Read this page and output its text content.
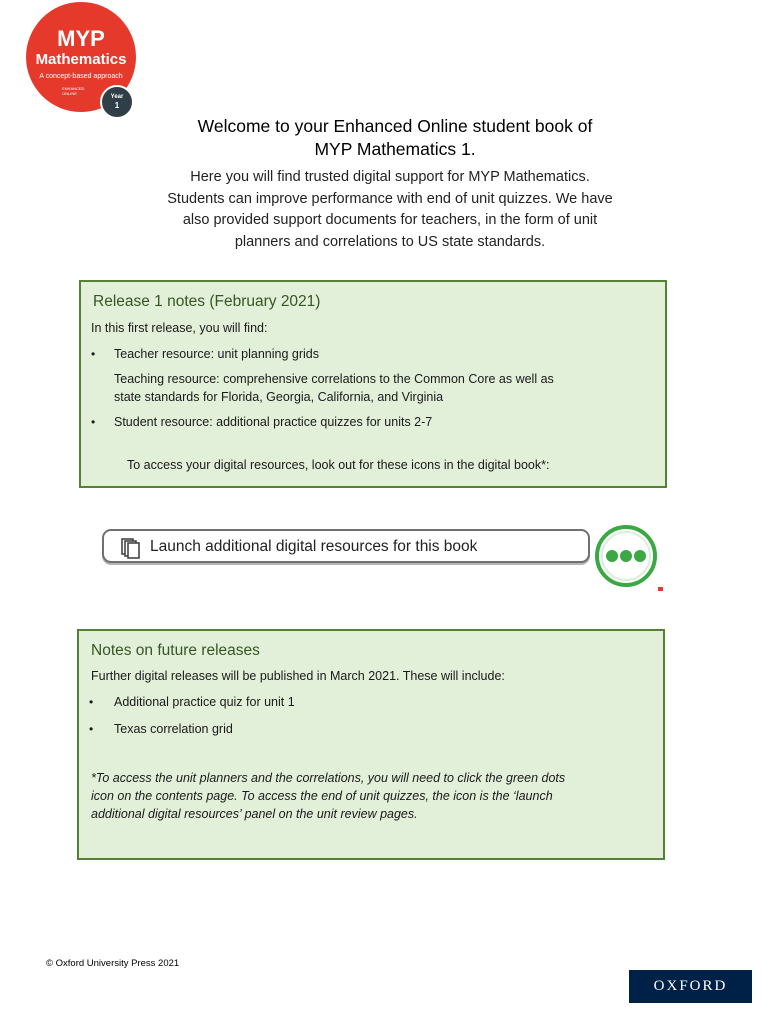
MYP
Mathematics
A concept-based approach
ENHANCED ONLINE
Year
1
Welcome to your Enhanced Online student book of
MYP Mathematics 1.
Here you will find trusted digital support for MYP Mathematics.
Students can improve performance with end of unit quizzes. We have
also provided support documents for teachers, in the form of unit
planners and correlations to US state standards.
Release 1 notes (February 2021)
In this first release, you will find:
• Teacher resource: unit planning grids
Teaching resource: comprehensive correlations to the Common Core as well as
state standards for Florida, Georgia, California, and Virginia
• Student resource: additional practice quizzes for units 2-7
To access your digital resources, look out for these icons in the digital book*:
Launch additional digital resources for this book
Notes on future releases
Further digital releases will be published in March 2021. These will include:
• Additional practice quiz for unit 1
• Texas correlation grid
*To access the unit planners and the correlations, you will need to click the green dots
icon on the contents page. To access the end of unit quizzes, the icon is the ‘launch
additional digital resources’ panel on the unit review pages.
© Oxford University Press 2021
OXFORD
